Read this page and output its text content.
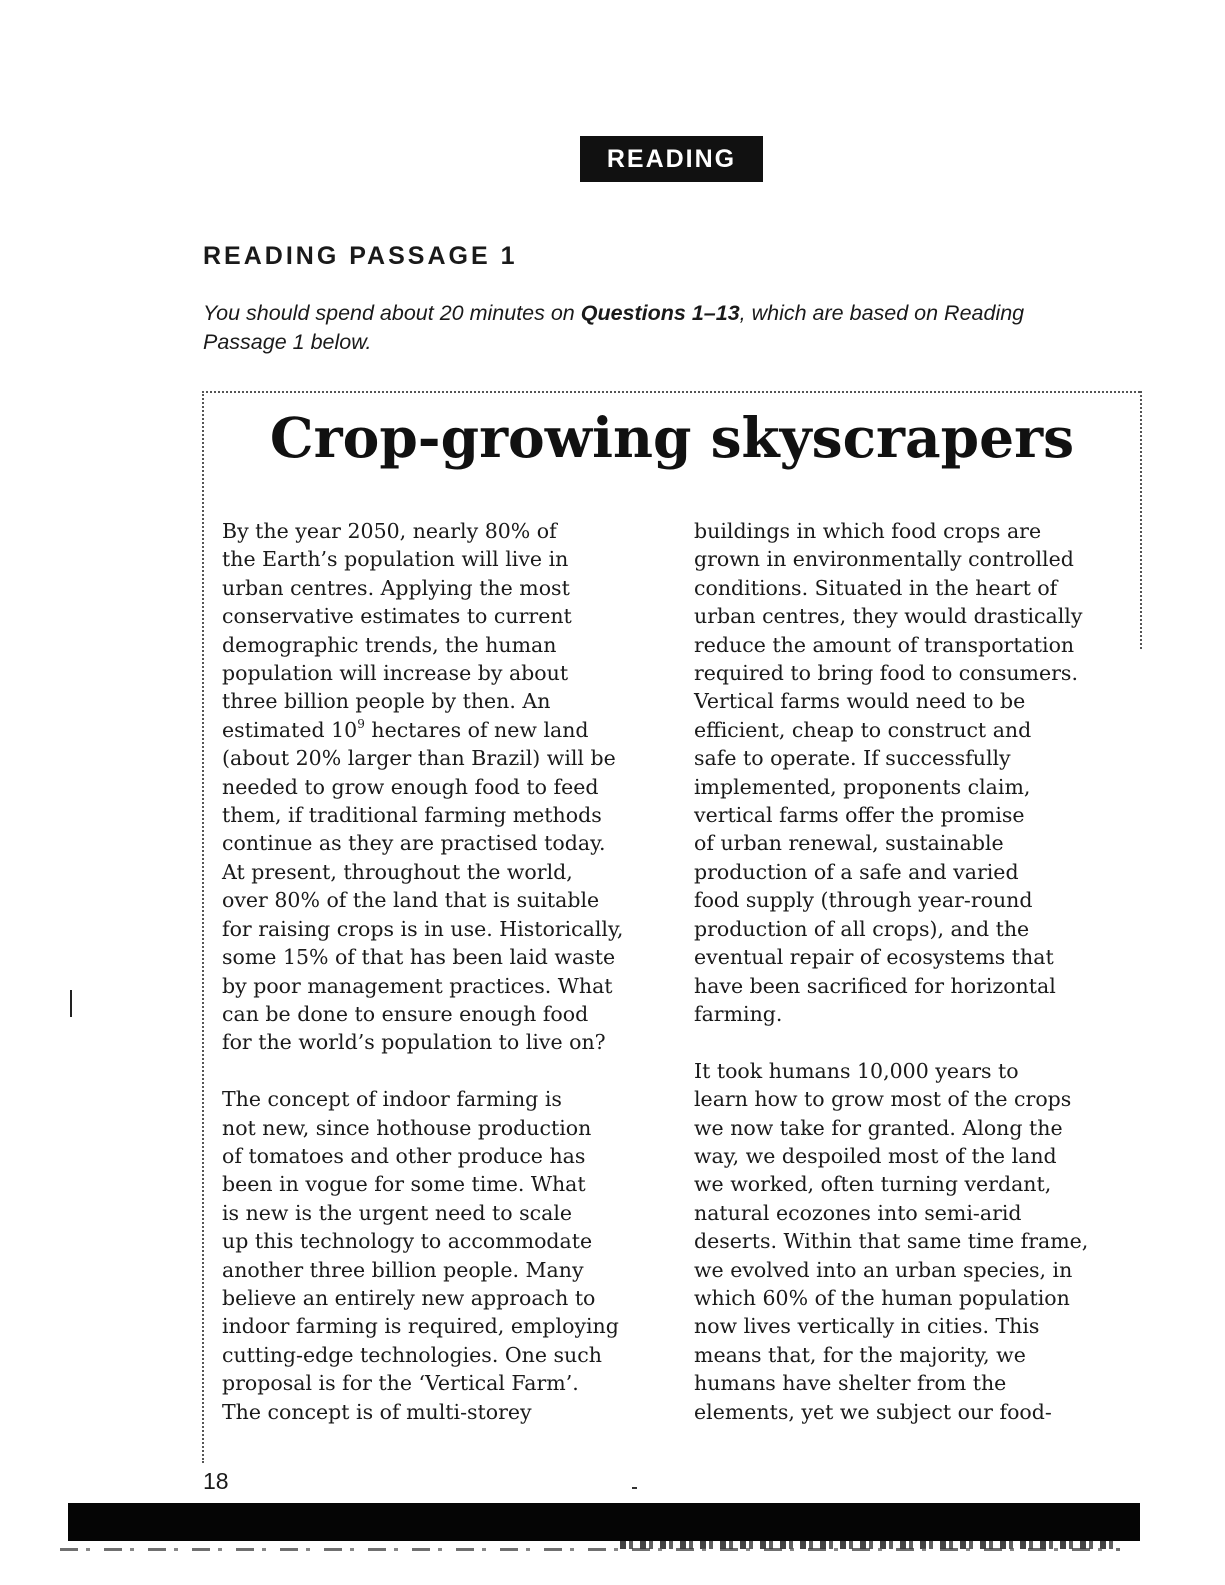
READING
READING PASSAGE 1
You should spend about 20 minutes on Questions 1–13, which are based on Reading
Passage 1 below.
Crop-growing skyscrapers
By the year 2050, nearly 80% of
the Earth’s population will live in
urban centres. Applying the most
conservative estimates to current
demographic trends, the human
population will increase by about
three billion people by then. An
estimated $10^9$ hectares of new land
(about 20% larger than Brazil) will be
needed to grow enough food to feed
them, if traditional farming methods
continue as they are practised today.
At present, throughout the world,
over 80% of the land that is suitable
for raising crops is in use. Historically,
some 15% of that has been laid waste
by poor management practices. What
can be done to ensure enough food
for the world’s population to live on?
The concept of indoor farming is
not new, since hothouse production
of tomatoes and other produce has
been in vogue for some time. What
is new is the urgent need to scale
up this technology to accommodate
another three billion people. Many
believe an entirely new approach to
indoor farming is required, employing
cutting-edge technologies. One such
proposal is for the ‘Vertical Farm’.
The concept is of multi-storey
buildings in which food crops are
grown in environmentally controlled
conditions. Situated in the heart of
urban centres, they would drastically
reduce the amount of transportation
required to bring food to consumers.
Vertical farms would need to be
efficient, cheap to construct and
safe to operate. If successfully
implemented, proponents claim,
vertical farms offer the promise
of urban renewal, sustainable
production of a safe and varied
food supply (through year-round
production of all crops), and the
eventual repair of ecosystems that
have been sacrificed for horizontal
farming.
It took humans 10,000 years to
learn how to grow most of the crops
we now take for granted. Along the
way, we despoiled most of the land
we worked, often turning verdant,
natural ecozones into semi-arid
deserts. Within that same time frame,
we evolved into an urban species, in
which 60% of the human population
now lives vertically in cities. This
means that, for the majority, we
humans have shelter from the
elements, yet we subject our food-
18
